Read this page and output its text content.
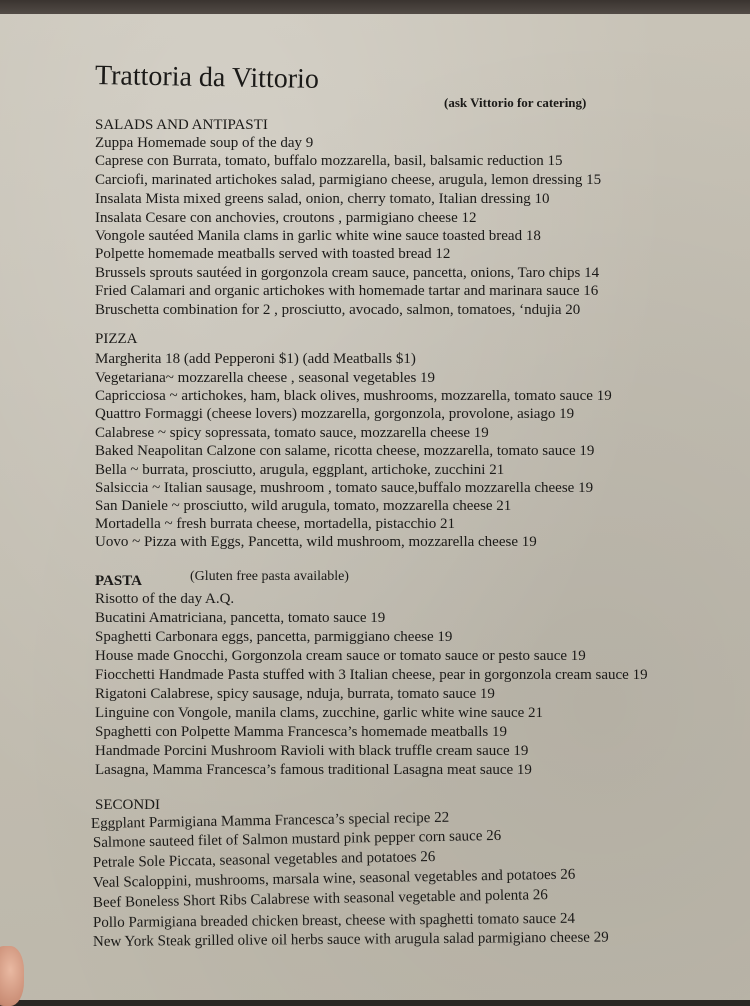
Trattoria da Vittorio
(ask Vittorio for catering)
SALADS AND ANTIPASTI
Zuppa Homemade soup of the day 9
Caprese con Burrata, tomato, buffalo mozzarella, basil, balsamic reduction 15
Carciofi, marinated artichokes salad, parmigiano cheese, arugula, lemon dressing 15
Insalata Mista mixed greens salad, onion, cherry tomato, Italian dressing 10
Insalata Cesare con anchovies, croutons , parmigiano cheese 12
Vongole sautéed Manila clams in garlic white wine sauce toasted bread 18
Polpette homemade meatballs served with toasted bread 12
Brussels sprouts sautéed in gorgonzola cream sauce, pancetta, onions, Taro chips 14
Fried Calamari and organic artichokes with homemade tartar and marinara sauce 16
Bruschetta combination for 2 , prosciutto, avocado, salmon, tomatoes, ‘ndujia 20
PIZZA
Margherita 18 (add Pepperoni $1) (add Meatballs $1)
Vegetariana~ mozzarella cheese , seasonal vegetables 19
Capricciosa ~ artichokes, ham, black olives, mushrooms, mozzarella, tomato sauce 19
Quattro Formaggi (cheese lovers) mozzarella, gorgonzola, provolone, asiago 19
Calabrese ~ spicy sopressata, tomato sauce, mozzarella cheese 19
Baked Neapolitan Calzone con salame, ricotta cheese, mozzarella, tomato sauce 19
Bella ~ burrata, prosciutto, arugula, eggplant, artichoke, zucchini 21
Salsiccia ~ Italian sausage, mushroom , tomato sauce,buffalo mozzarella cheese 19
San Daniele ~ prosciutto, wild arugula, tomato, mozzarella cheese 21
Mortadella ~ fresh burrata cheese, mortadella, pistacchio 21
Uovo ~ Pizza with Eggs, Pancetta, wild mushroom, mozzarella cheese 19
PASTA	(Gluten free pasta available)
Risotto of the day A.Q.
Bucatini Amatriciana, pancetta, tomato sauce 19
Spaghetti Carbonara eggs, pancetta, parmiggiano cheese 19
House made Gnocchi, Gorgonzola cream sauce or tomato sauce or pesto sauce 19
Fiocchetti Handmade Pasta stuffed with 3 Italian cheese, pear in gorgonzola cream sauce 19
Rigatoni Calabrese, spicy sausage, nduja, burrata, tomato sauce 19
Linguine con Vongole, manila clams, zucchine, garlic white wine sauce 21
Spaghetti con Polpette Mamma Francesca’s homemade meatballs 19
Handmade Porcini Mushroom Ravioli with black truffle cream sauce 19
Lasagna, Mamma Francesca’s famous traditional Lasagna meat sauce 19
SECONDI
Eggplant Parmigiana Mamma Francesca’s special recipe 22
Salmone sauteed filet of Salmon mustard pink pepper corn sauce 26
Petrale Sole Piccata, seasonal vegetables and potatoes 26
Veal Scaloppini, mushrooms, marsala wine, seasonal vegetables and potatoes 26
Beef Boneless Short Ribs Calabrese with seasonal vegetable and polenta 26
Pollo Parmigiana breaded chicken breast, cheese with spaghetti tomato sauce 24
New York Steak grilled olive oil herbs sauce with arugula salad parmigiano cheese 29
